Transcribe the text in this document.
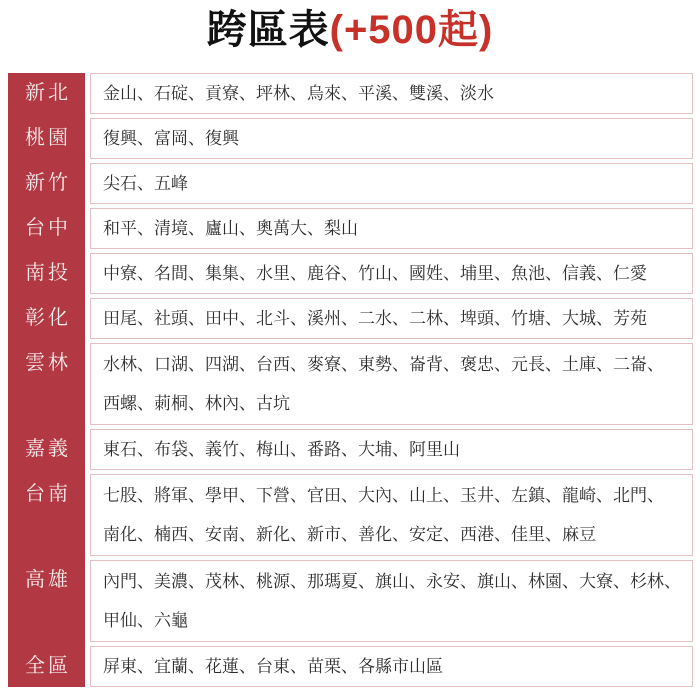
跨區表(+500起)
新北	金山、 石碇、 貢寮、 坪林、 烏來、 平溪、 雙溪、 淡水
桃園	復興、 富岡、 復興
新竹	尖石、 五峰
台中	和平、 清境、 廬山、 奧萬大、 梨山
南投	中寮、 名間、 集集、 水里、 鹿谷、 竹山、 國姓、 埔里、 魚池、 信義、 仁愛
彰化	田尾、 社頭、 田中、 北斗、 溪州、 二水、 二林、 埤頭、 竹塘、 大城、 芳苑
雲林	水林、 口湖、 四湖、 台西、 麥寮、 東勢、 崙背、 褒忠、 元長、 土庫、 二崙、
西螺、 莿桐、 林內、 古坑
嘉義	東石、 布袋、 義竹、 梅山、 番路、 大埔、 阿里山
台南	七股、 將軍、 學甲、 下營、 官田、 大內、 山上、 玉井、 左鎮、 龍崎、 北門、
南化、 楠西、 安南、 新化、 新市、 善化、 安定、 西港、 佳里、 麻豆
高雄	內門、 美濃、 茂林、 桃源、 那瑪夏、 旗山、 永安、 旗山、 林園、 大寮、 杉林、
甲仙、 六龜
全區	屏東、 宜蘭、 花蓮、 台東、 苗栗、 各縣市山區
